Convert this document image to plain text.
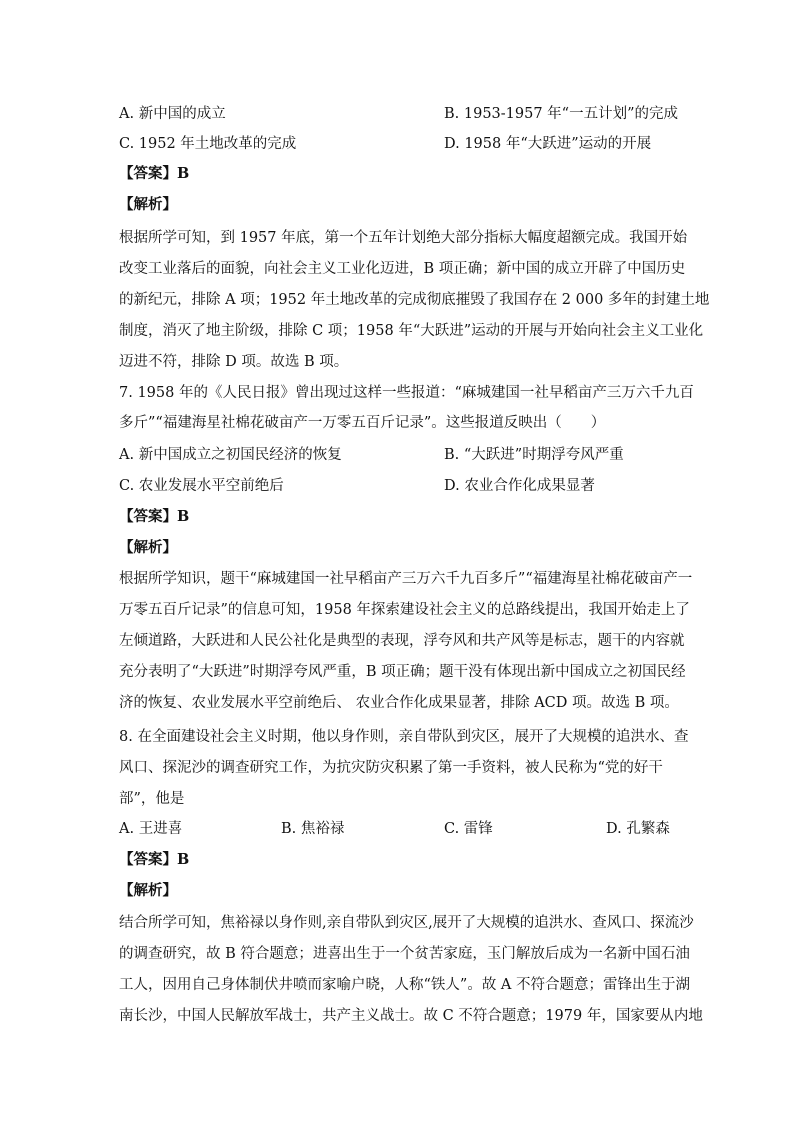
A. 新中国的成立	B. 1953-1957 年“一五计划”的完成
C. 1952 年土地改革的完成	D. 1958 年“大跃进”运动的开展
【答案】B
【解析】
根据所学可知，到 1957 年底，第一个五年计划绝大部分指标大幅度超额完成。我国开始
改变工业落后的面貌，向社会主义工业化迈进，B 项正确；新中国的成立开辟了中国历史
的新纪元，排除 A 项；1952 年土地改革的完成彻底摧毁了我国存在 2 000 多年的封建土地
制度，消灭了地主阶级，排除 C 项；1958 年“大跃进”运动的开展与开始向社会主义工业化
迈进不符，排除 D 项。故选 B 项。
7. 1958 年的《人民日报》曾出现过这样一些报道：“麻城建国一社早稻亩产三万六千九百
多斤”“福建海星社棉花破亩产一万零五百斤记录”。这些报道反映出（　　）
A. 新中国成立之初国民经济的恢复	B. “大跃进”时期浮夸风严重
C. 农业发展水平空前绝后	D. 农业合作化成果显著
【答案】B
【解析】
根据所学知识，题干“麻城建国一社早稻亩产三万六千九百多斤”“福建海星社棉花破亩产一
万零五百斤记录”的信息可知，1958 年探索建设社会主义的总路线提出，我国开始走上了
左倾道路，大跃进和人民公社化是典型的表现，浮夸风和共产风等是标志，题干的内容就
充分表明了“大跃进”时期浮夸风严重，B 项正确；题干没有体现出新中国成立之初国民经
济的恢复、农业发展水平空前绝后、 农业合作化成果显著，排除 ACD 项。故选 B 项。
8. 在全面建设社会主义时期，他以身作则，亲自带队到灾区，展开了大规模的追洪水、查
风口、探泥沙的调查研究工作，为抗灾防灾积累了第一手资料，被人民称为“党的好干
部”，他是
A. 王进喜	B. 焦裕禄	C. 雷锋	D. 孔繁森
【答案】B
【解析】
结合所学可知，焦裕禄以身作则,亲自带队到灾区,展开了大规模的追洪水、查风口、探流沙
的调查研究，故 B 符合题意；进喜出生于一个贫苦家庭，玉门解放后成为一名新中国石油
工人，因用自己身体制伏井喷而家喻户晓，人称“铁人”。故 A 不符合题意；雷锋出生于湖
南长沙，中国人民解放军战士，共产主义战士。故 C 不符合题意；1979 年，国家要从内地
